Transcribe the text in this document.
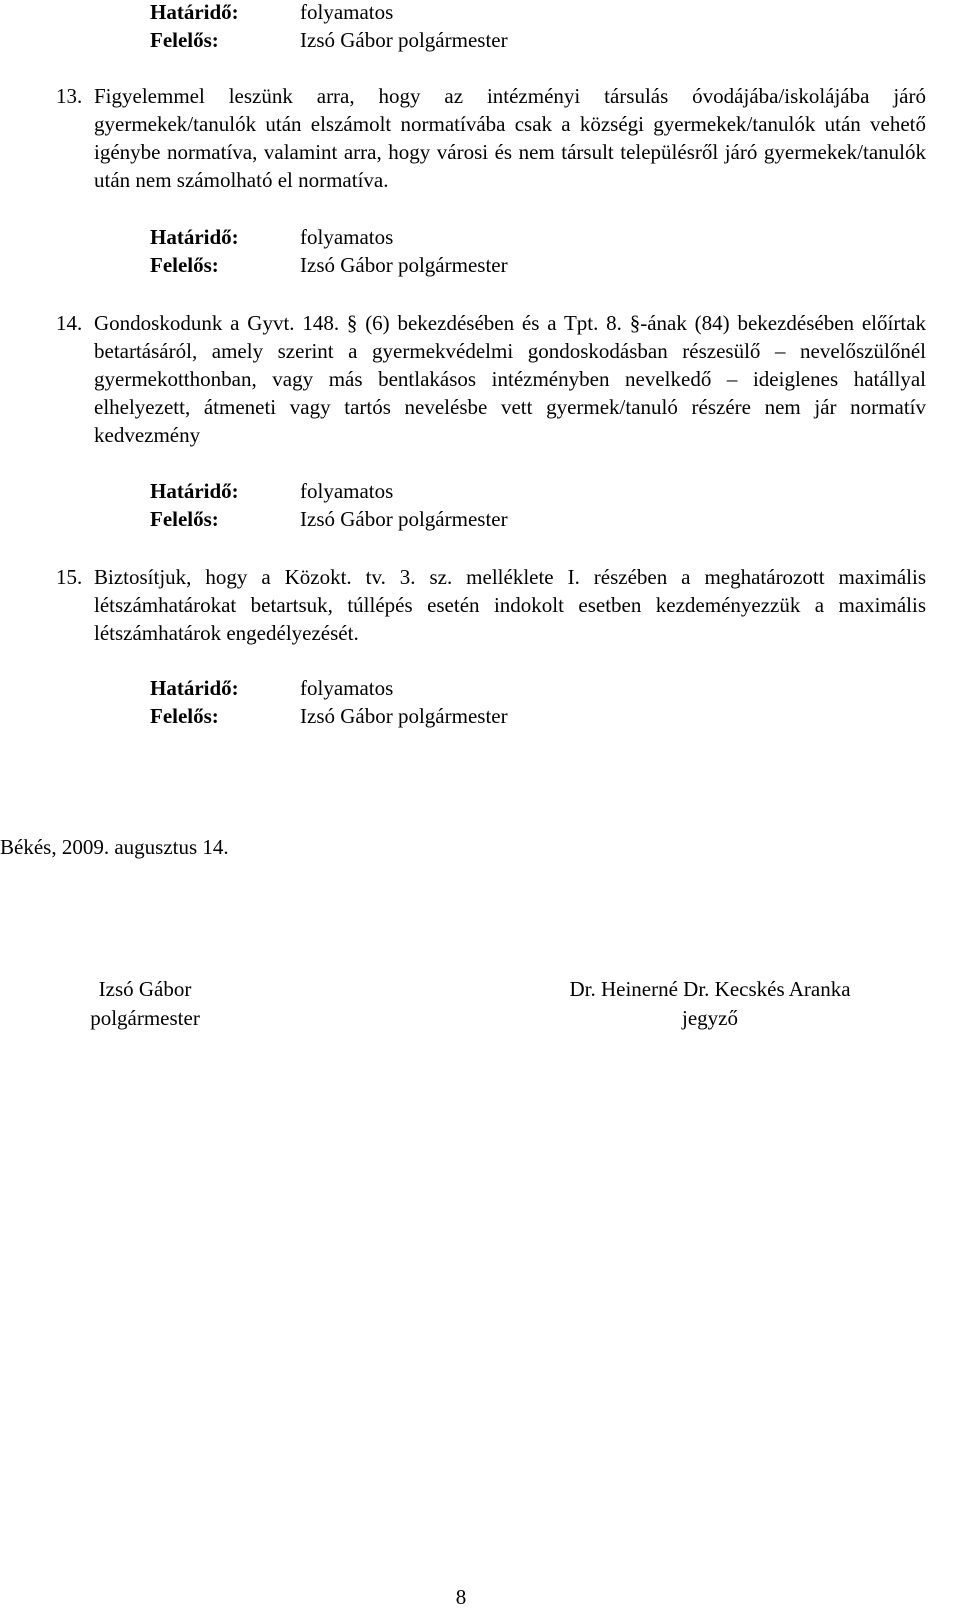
Határidő:	folyamatos
Felelős:	Izsó Gábor polgármester
13. Figyelemmel leszünk arra, hogy az intézményi társulás óvodájába/iskolájába járó gyermekek/tanulók után elszámolt normatívába csak a községi gyermekek/tanulók után vehető igénybe normatíva, valamint arra, hogy városi és nem társult településről járó gyermekek/tanulók után nem számolható el normatíva.
Határidő:	folyamatos
Felelős:	Izsó Gábor polgármester
14. Gondoskodunk a Gyvt. 148. § (6) bekezdésében és a Tpt. 8. §-ának (84) bekezdésében előírtak betartásáról, amely szerint a gyermekvédelmi gondoskodásban részesülő – nevelőszülőnél gyermekotthonban, vagy más bentlakásos intézményben nevelkedő – ideiglenes hatállyal elhelyezett, átmeneti vagy tartós nevelésbe vett gyermek/tanuló részére nem jár normatív kedvezmény
Határidő:	folyamatos
Felelős:	Izsó Gábor polgármester
15. Biztosítjuk, hogy a Közokt. tv. 3. sz. melléklete I. részében a meghatározott maximális létszámhatárokat betartsuk, túllépés esetén indokolt esetben kezdeményezzük a maximális létszámhatárok engedélyezését.
Határidő:	folyamatos
Felelős:	Izsó Gábor polgármester
Békés, 2009. augusztus 14.
Izsó Gábor
polgármester
Dr. Heinerné Dr. Kecskés Aranka
jegyző
8
